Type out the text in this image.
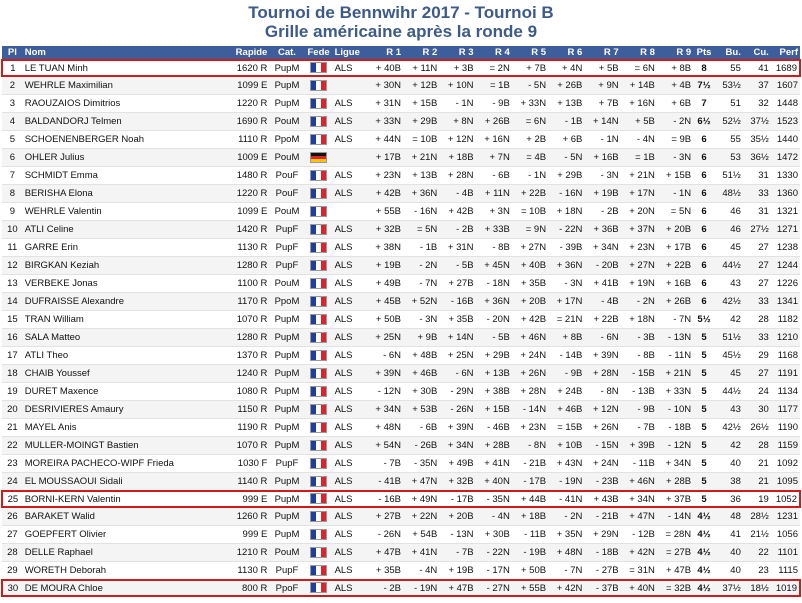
Tournoi de Bennwihr 2017 - Tournoi B
Grille américaine après la ronde 9
Pl	Nom	Rapide	Cat.	Fede	Ligue	R 1	R 2	R 3	R 4	R 5	R 6	R 7	R 8	R 9	Pts	Bu.	Cu.	Perf
1	LE TUAN Minh	1620 R	PupM		ALS	+ 40B	+ 11N	+ 3B	= 2N	+ 7B	+ 4N	+ 5B	= 6N	+ 8B	8	55	41	1689
2	WEHRLE Maximilian	1099 E	PupM			+ 30N	+ 12B	+ 10N	= 1B	- 5N	+ 26B	+ 9N	+ 14B	+ 4B	7½	53½	37	1607
3	RAOUZAIOS Dimitrios	1220 R	PupM		ALS	+ 31N	+ 15B	- 1N	- 9B	+ 33N	+ 13B	+ 7B	+ 16N	+ 6B	7	51	32	1448
4	BALDANDORJ Telmen	1690 R	PouM		ALS	+ 33N	+ 29B	+ 8N	+ 26B	= 6N	- 1B	+ 14N	+ 5B	- 2N	6½	52½	37½	1523
5	SCHOENENBERGER Noah	1110 R	PpoM		ALS	+ 44N	= 10B	+ 12N	+ 16N	+ 2B	+ 6B	- 1N	- 4N	= 9B	6	55	35½	1440
6	OHLER Julius	1009 E	PouM			+ 17B	+ 21N	+ 18B	+ 7N	= 4B	- 5N	+ 16B	= 1B	- 3N	6	53	36½	1472
7	SCHMIDT Emma	1480 R	PouF		ALS	+ 23N	+ 13B	+ 28N	- 6B	- 1N	+ 29B	- 3N	+ 21N	+ 15B	6	51½	31	1330
8	BERISHA Elona	1220 R	PouF		ALS	+ 42B	+ 36N	- 4B	+ 11N	+ 22B	- 16N	+ 19B	+ 17N	- 1N	6	48½	33	1360
9	WEHRLE Valentin	1099 E	PouM			+ 55B	- 16N	+ 42B	+ 3N	= 10B	+ 18N	- 2B	+ 20N	= 5N	6	46	31	1321
10	ATLI Celine	1420 R	PupF		ALS	+ 32B	= 5N	- 2B	+ 33B	= 9N	- 22N	+ 36B	+ 37N	+ 20B	6	46	27½	1271
11	GARRE Erin	1130 R	PupF		ALS	+ 38N	- 1B	+ 31N	- 8B	+ 27N	- 39B	+ 34N	+ 23N	+ 17B	6	45	27	1238
12	BIRGKAN Keziah	1280 R	PupF		ALS	+ 19B	- 2N	- 5B	+ 45N	+ 40B	+ 36N	- 20B	+ 27N	+ 22B	6	44½	27	1244
13	VERBEKE Jonas	1100 R	PouM		ALS	+ 49B	- 7N	+ 27B	- 18N	+ 35B	- 3N	+ 41B	+ 19N	+ 16B	6	43	27	1226
14	DUFRAISSE Alexandre	1170 R	PpoM		ALS	+ 45B	+ 52N	- 16B	+ 36N	+ 20B	+ 17N	- 4B	- 2N	+ 26B	6	42½	33	1341
15	TRAN William	1070 R	PupM		ALS	+ 50B	- 3N	+ 35B	- 20N	+ 42B	= 21N	+ 22B	+ 18N	- 7N	5½	42	28	1182
16	SALA Matteo	1280 R	PupM		ALS	+ 25N	+ 9B	+ 14N	- 5B	+ 46N	+ 8B	- 6N	- 3B	- 13N	5	51½	33	1210
17	ATLI Theo	1370 R	PupM		ALS	- 6N	+ 48B	+ 25N	+ 29B	+ 24N	- 14B	+ 39N	- 8B	- 11N	5	45½	29	1168
18	CHAIB Youssef	1240 R	PupM		ALS	+ 39N	+ 46B	- 6N	+ 13B	+ 26N	- 9B	+ 28N	- 15B	+ 21N	5	45	27	1191
19	DURET Maxence	1080 R	PupM		ALS	- 12N	+ 30B	- 29N	+ 38B	+ 28N	+ 24B	- 8N	- 13B	+ 33N	5	44½	24	1134
20	DESRIVIERES Amaury	1150 R	PupM		ALS	+ 34N	+ 53B	- 26N	+ 15B	- 14N	+ 46B	+ 12N	- 9B	- 10N	5	43	30	1177
21	MAYEL Anis	1190 R	PupM		ALS	+ 48N	- 6B	+ 39N	- 46B	+ 23N	= 15B	+ 26N	- 7B	- 18B	5	42½	26½	1190
22	MULLER-MOINGT Bastien	1070 R	PupM		ALS	+ 54N	- 26B	+ 34N	+ 28B	- 8N	+ 10B	- 15N	+ 39B	- 12N	5	42	28	1159
23	MOREIRA PACHECO-WIPF Frieda	1030 F	PupF		ALS	- 7B	- 35N	+ 49B	+ 41N	- 21B	+ 43N	+ 24N	- 11B	+ 34N	5	40	21	1092
24	EL MOUSSAOUI Sidali	1140 R	PupM		ALS	- 41B	+ 47N	+ 32B	+ 40N	- 17B	- 19N	- 23B	+ 46N	+ 28B	5	38	21	1095
25	BORNI-KERN Valentin	999 E	PupM		ALS	- 16B	+ 49N	- 17B	- 35N	+ 44B	- 41N	+ 43B	+ 34N	+ 37B	5	36	19	1052
26	BARAKET Walid	1260 R	PupM		ALS	+ 27B	+ 22N	+ 20B	- 4N	+ 18B	- 2N	- 21B	+ 47N	- 14N	4½	48	28½	1231
27	GOEPFERT Olivier	999 E	PupM		ALS	- 26N	+ 54B	- 13N	+ 30B	- 11B	+ 35N	+ 29N	- 12B	= 28N	4½	41	21½	1056
28	DELLE Raphael	1210 R	PouM		ALS	+ 47B	+ 41N	- 7B	- 22N	- 19B	+ 48N	- 18B	+ 42N	= 27B	4½	40	22	1101
29	WORETH Deborah	1130 R	PupF		ALS	+ 35B	- 4N	+ 19B	- 17N	+ 50B	- 7N	- 27B	= 31N	+ 47B	4½	40	23	1115
30	DE MOURA Chloe	800 R	PpoF		ALS	- 2B	- 19N	+ 47B	- 27N	+ 55B	+ 42N	- 37B	+ 40N	= 32B	4½	37½	18½	1019
